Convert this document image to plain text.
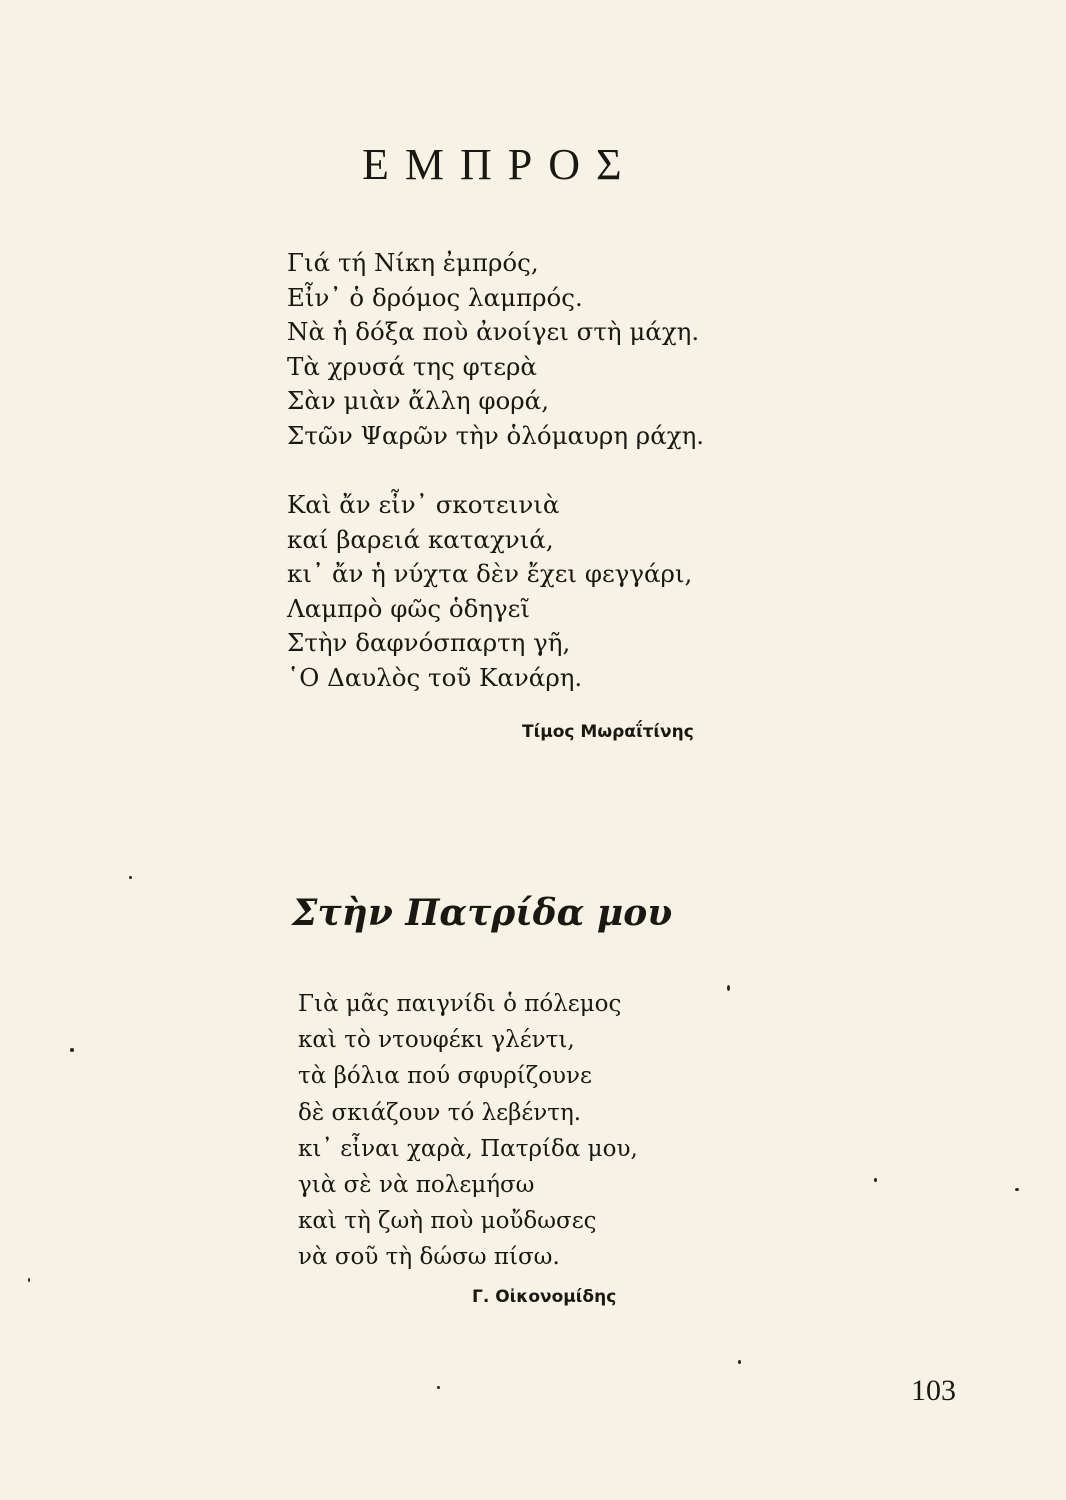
ΕΜΠΡΟΣ
Γιά τή Νίκη ἐμπρός,
Εἶν᾿ ὁ δρόμος λαμπρός.
Νὰ ἡ δόξα ποὺ ἀνοίγει στὴ μάχη.
Τὰ χρυσά της φτερὰ
Σὰν μιὰν ἄλλη φορά,
Στῶν Ψαρῶν τὴν ὁλόμαυρη ράχη.
Καὶ ἄν εἶν᾿ σκοτεινιὰ
καί βαρειά καταχνιά,
κι᾿ ἄν ἡ νύχτα δὲν ἔχει φεγγάρι,
Λαμπρὸ φῶς ὁδηγεῖ
Στὴν δαφνόσπαρτη γῆ,
῾Ο Δαυλὸς τοῦ Κανάρη.
Τίμος Μωραΐτίνης
Στὴν Πατρίδα μου
Γιὰ μᾶς παιγνίδι ὁ πόλεμος
καὶ τὸ ντουφέκι γλέντι,
τὰ βόλια πού σφυρίζουνε
δὲ σκιάζουν τό λεβέντη.
κι᾿ εἶναι χαρὰ, Πατρίδα μου,
γιὰ σὲ νὰ πολεμήσω
καὶ τὴ ζωὴ ποὺ μοὔδωσες
νὰ σοῦ τὴ δώσω πίσω.
Γ. Οἰκονομίδης
103
